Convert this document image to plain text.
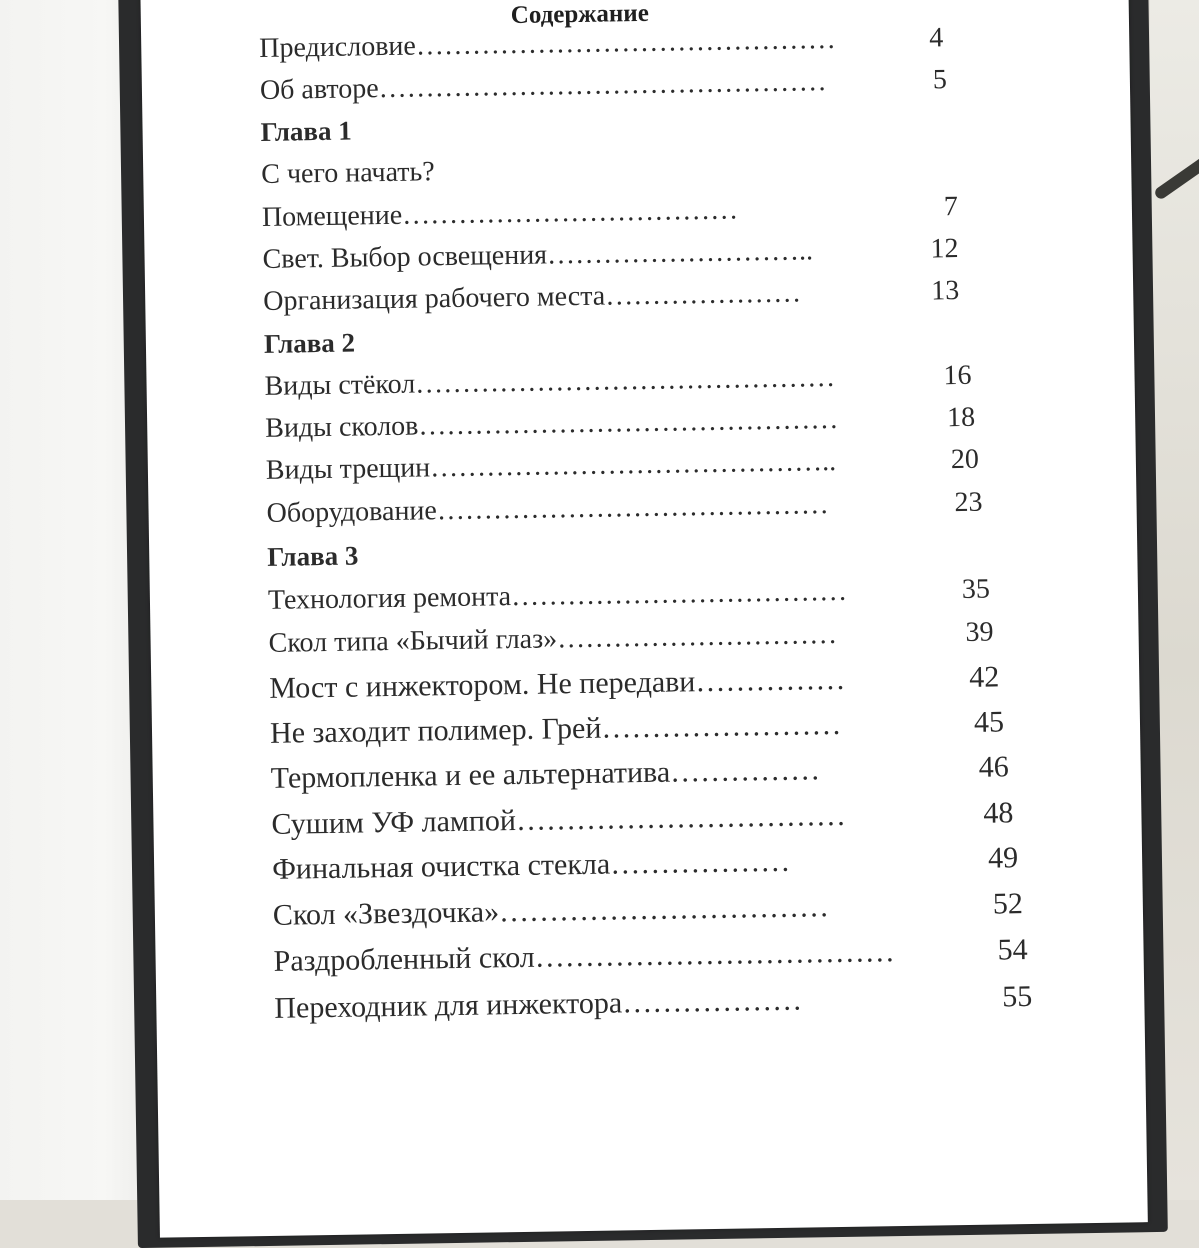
Содержание
Предисловие………………………………………	4
Об авторе…………………………………………	5
Глава 1
С чего начать?
Помещение………………………………	7
Свет. Выбор освещения………………………..	12
Организация рабочего места…………………	13
Глава 2
Виды стёкол………………………………………	16
Виды сколов………………………………………	18
Виды трещин……………………………………..	20
Оборудование……………………………………	23
Глава 3
Технология ремонта………………………………	35
Скол типа «Бычий глаз»…………………………	39
Мост с инжектором. Не передави……………	42
Не заходит полимер. Грей……………………	45
Термопленка и ее альтернатива……………	46
Сушим УФ лампой……………………………	48
Финальная очистка стекла………………	49
Скол «Звездочка»……………………………	52
Раздробленный скол………………………………	54
Переходник для инжектора………………	55
